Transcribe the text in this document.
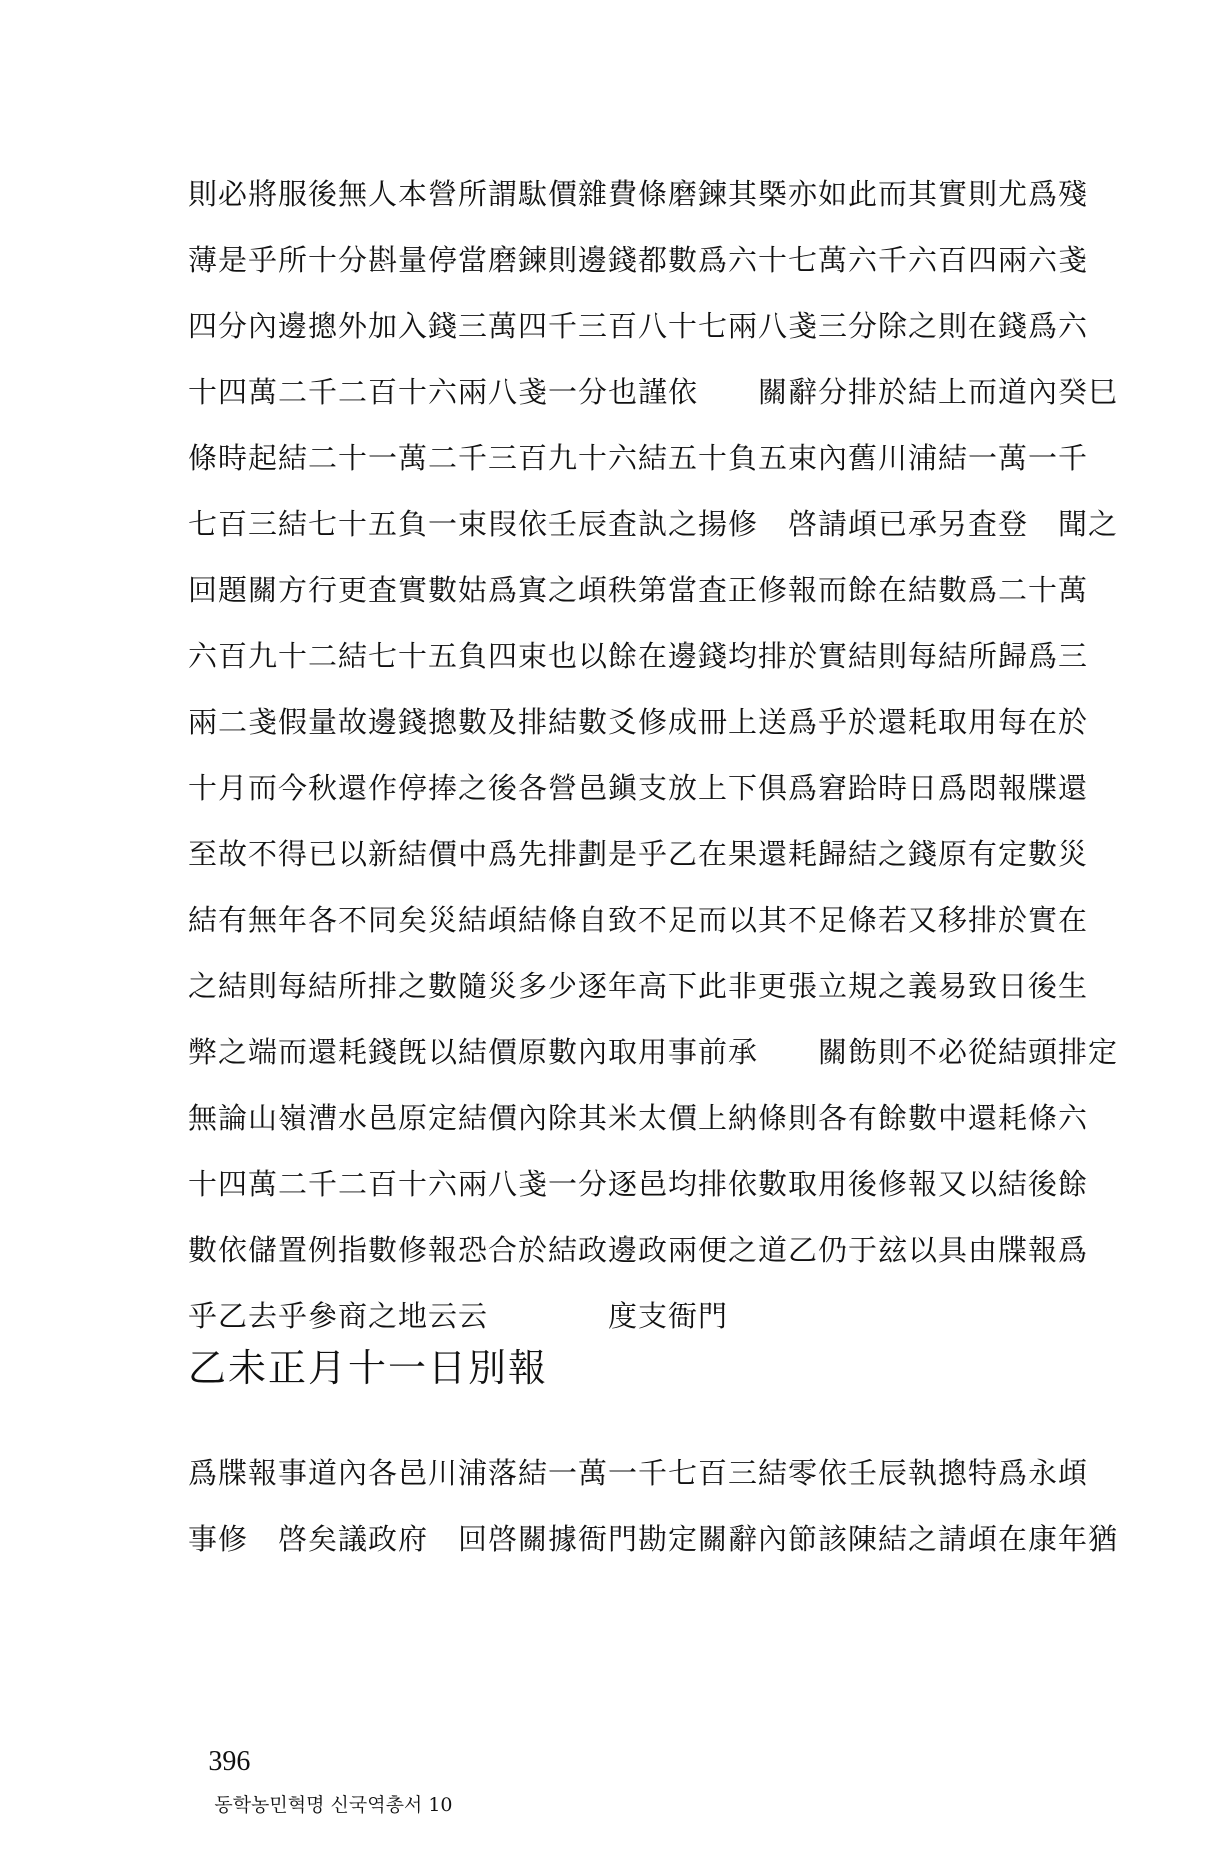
則必將服後無人本營所謂駄價雜費條磨鍊其槩亦如此而其實則尤爲殘
薄是乎所十分斟量停當磨鍊則邊錢都數爲六十七萬六千六百四兩六戔
四分內邊摠外加入錢三萬四千三百八十七兩八戔三分除之則在錢爲六
十四萬二千二百十六兩八戔一分也謹依　　關辭分排於結上而道內癸巳
條時起結二十一萬二千三百九十六結五十負五束內舊川浦結一萬一千
七百三結七十五負一束叚依壬辰査訙之揚修　啓請頉已承另査登　聞之
回題關方行更査實數姑爲寘之頉秩第當査正修報而餘在結數爲二十萬
六百九十二結七十五負四束也以餘在邊錢均排於實結則每結所歸爲三
兩二戔假量故邊錢摠數及排結數爻修成冊上送爲乎於還耗取用每在於
十月而今秋還作停捧之後各營邑鎭支放上下俱爲窘跲時日爲悶報牒還
至故不得已以新結價中爲先排劃是乎乙在果還耗歸結之錢原有定數災
結有無年各不同矣災結頉結條自致不足而以其不足條若又移排於實在
之結則每結所排之數隨災多少逐年高下此非更張立規之義易致日後生
弊之端而還耗錢旣以結價原數內取用事前承　　關飭則不必從結頭排定
無論山嶺漕水邑原定結價內除其米太價上納條則各有餘數中還耗條六
十四萬二千二百十六兩八戔一分逐邑均排依數取用後修報又以結後餘
數依儲置例指數修報恐合於結政邊政兩便之道乙仍于玆以具由牒報爲
乎乙去乎參商之地云云　　　　度支衙門
乙未正月十一日別報
爲牒報事道內各邑川浦落結一萬一千七百三結零依壬辰執摠特爲永頉
事修　啓矣議政府　回啓關據衙門勘定關辭內節該陳結之請頉在康年猶

396
동학농민혁명 신국역총서 10
